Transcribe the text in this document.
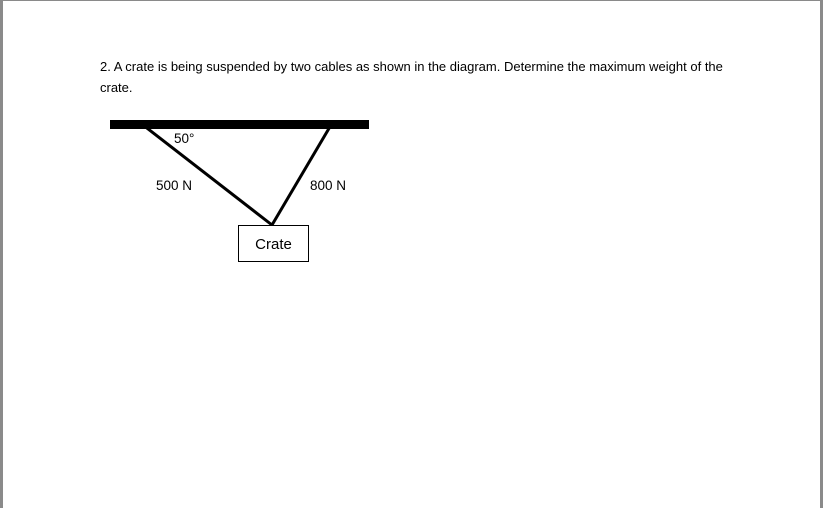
2. A crate is being suspended by two cables as shown in the diagram. Determine the maximum weight of the crate.

50°
500 N	800 N
Crate
